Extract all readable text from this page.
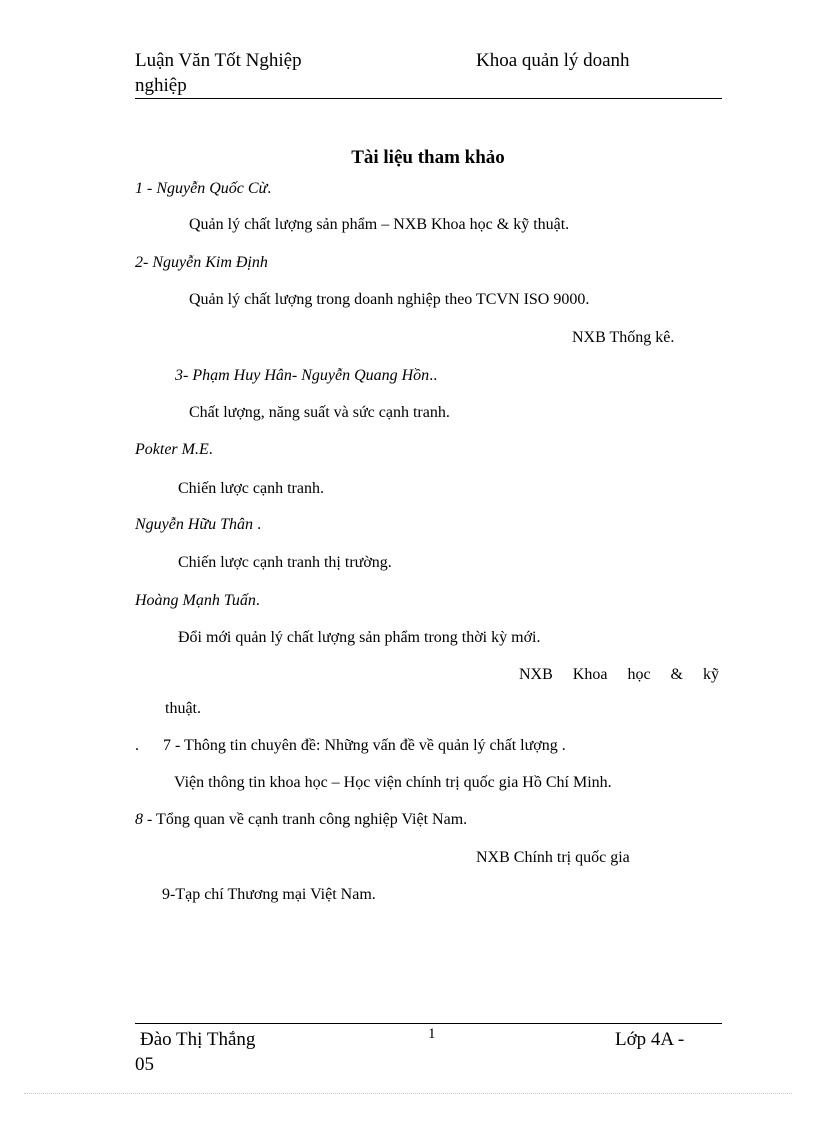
Luận Văn Tốt Nghiệp	Khoa quản lý doanh
nghiệp
Tài liệu tham khảo
1 - Nguyễn Quốc Cừ.
Quản lý chất lượng sản phẩm – NXB Khoa học & kỹ thuật.
2- Nguyễn Kim Định
Quản lý chất lượng trong doanh nghiệp theo TCVN ISO 9000.
NXB Thống kê.
3- Phạm Huy Hân- Nguyễn Quang Hồn..
Chất lượng, năng suất và sức cạnh tranh.
Pokter M.E.
Chiến lược cạnh tranh.
Nguyễn Hữu Thân .
Chiến lược cạnh tranh thị trường.
Hoàng Mạnh Tuấn.
Đổi mới quản lý chất lượng sản phẩm trong thời kỳ mới.
NXB Khoa học & kỹ
thuật.
. 7 - Thông tin chuyên đề: Những vấn đề về quản lý chất lượng .
Viện thông tin khoa học – Học viện chính trị quốc gia Hồ Chí Minh.
8 - Tổng quan về cạnh tranh công nghiệp Việt Nam.
NXB Chính trị quốc gia
9-Tạp chí Thương mại Việt Nam.
1
Đào Thị Thắng	Lớp 4A -
05
